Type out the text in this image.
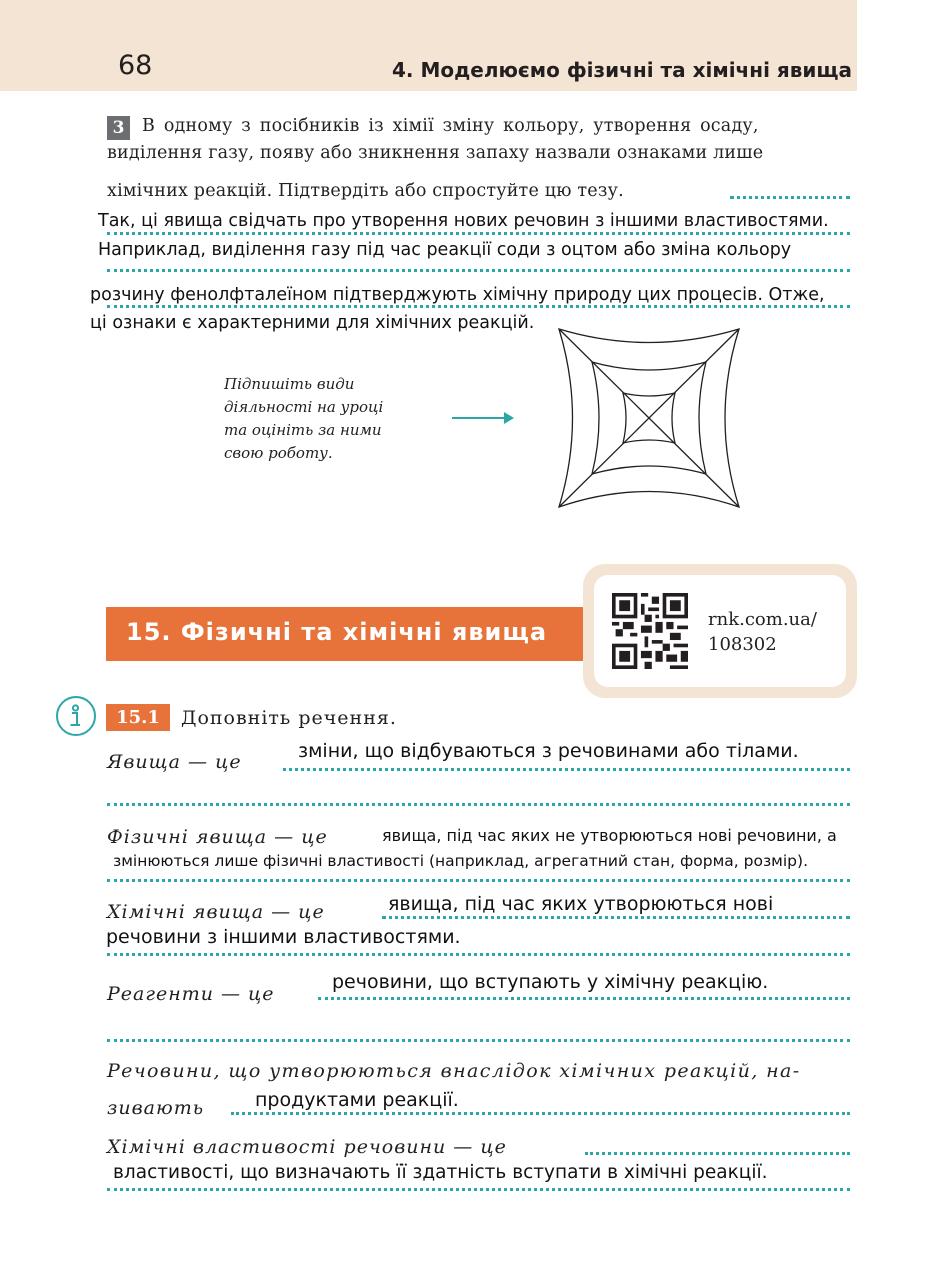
68	4. Моделюємо фізичні та хімічні явища
3	В одному з посібників із хімії зміну кольору, утворення осаду,
виділення газу, появу або зникнення запаху назвали ознаками лише
хімічних реакцій. Підтвердіть або спростуйте цю тезу.
Так, ці явища свідчать про утворення нових речовин з іншими властивостями.
Наприклад, виділення газу під час реакції соди з оцтом або зміна кольору
розчину фенолфталеїном підтверджують хімічну природу цих процесів. Отже,
ці ознаки є характерними для хімічних реакцій.
Підпишіть види
діяльності на уроці
та оцініть за ними
свою роботу.
15. Фізичні та хімічні явища	rnk.com.ua/
108302
15.1	Доповніть речення.
Явища — це	зміни, що відбуваються з речовинами або тілами.
Фізичні явища — це	явища, під час яких не утворюються нові речовини, а
змінюються лише фізичні властивості (наприклад, агрегатний стан, форма, розмір).
Хімічні явища — це	явища, під час яких утворюються нові
речовини з іншими властивостями.
Реагенти — це
речовини, що вступають у хімічну реакцію.
Речовини, що утворюються внаслідок хімічних реакцій, на-
зивають	продуктами реакції.
Хімічні властивості речовини — це
властивості, що визначають її здатність вступати в хімічні реакції.
